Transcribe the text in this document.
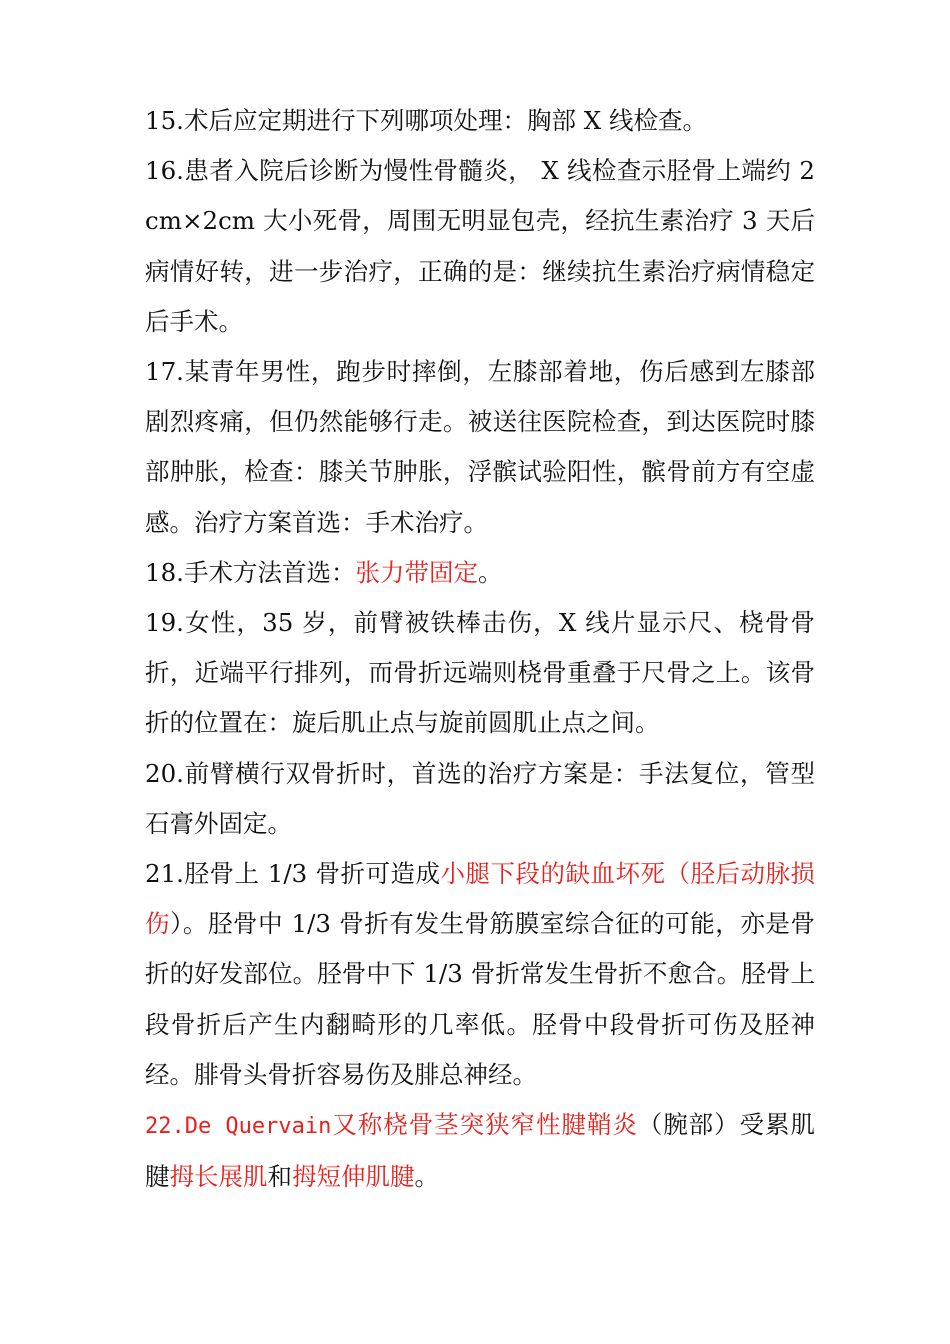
15.术后应定期进行下列哪项处理：胸部 X 线检查。

16.患者入院后诊断为慢性骨髓炎， X 线检查示胫骨上端约 2cm×2cm 大小死骨，周围无明显包壳，经抗生素治疗 3 天后病情好转，进一步治疗，正确的是：继续抗生素治疗病情稳定后手术。

17.某青年男性，跑步时摔倒，左膝部着地，伤后感到左膝部剧烈疼痛，但仍然能够行走。被送往医院检查，到达医院时膝部肿胀，检查：膝关节肿胀，浮髌试验阳性，髌骨前方有空虚感。治疗方案首选：手术治疗。

18.手术方法首选：张力带固定。

19.女性，35 岁，前臂被铁棒击伤，X 线片显示尺、桡骨骨折，近端平行排列，而骨折远端则桡骨重叠于尺骨之上。该骨折的位置在：旋后肌止点与旋前圆肌止点之间。

20.前臂横行双骨折时，首选的治疗方案是：手法复位，管型石膏外固定。

21.胫骨上 1/3 骨折可造成小腿下段的缺血坏死（胫后动脉损伤）。胫骨中 1/3 骨折有发生骨筋膜室综合征的可能，亦是骨折的好发部位。胫骨中下 1/3 骨折常发生骨折不愈合。胫骨上段骨折后产生内翻畸形的几率低。胫骨中段骨折可伤及胫神经。腓骨头骨折容易伤及腓总神经。

22.De Quervain又称桡骨茎突狭窄性腱鞘炎（腕部）受累肌腱拇长展肌和拇短伸肌腱。
